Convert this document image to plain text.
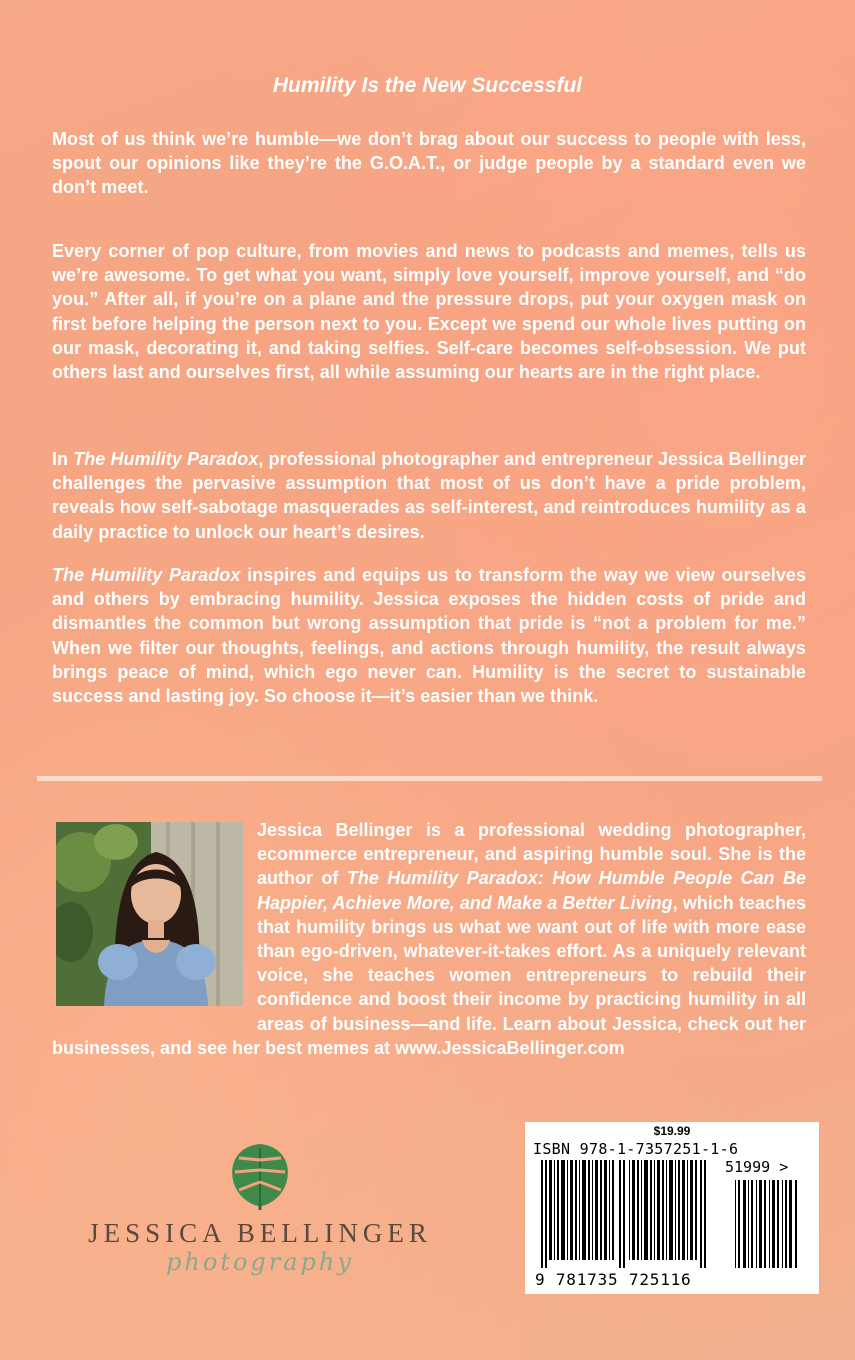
Humility Is the New Successful

Most of us think we’re humble—we don’t brag about our success to people with less, spout our opinions like they’re the G.O.A.T., or judge people by a standard even we don’t meet.

Every corner of pop culture, from movies and news to podcasts and memes, tells us we’re awesome. To get what you want, simply love yourself, improve yourself, and “do you.” After all, if you’re on a plane and the pressure drops, put your oxygen mask on first before helping the person next to you. Except we spend our whole lives putting on our mask, decorating it, and taking selfies. Self-care becomes self-obsession. We put others last and ourselves first, all while assuming our hearts are in the right place.

In The Humility Paradox, professional photographer and entrepreneur Jessica Bellinger challenges the pervasive assumption that most of us don’t have a pride problem, reveals how self-sabotage masquerades as self-interest, and reintroduces humility as a daily practice to unlock our heart’s desires.

The Humility Paradox inspires and equips us to transform the way we view ourselves and others by embracing humility. Jessica exposes the hidden costs of pride and dismantles the common but wrong assumption that pride is “not a problem for me.” When we filter our thoughts, feelings, and actions through humility, the result always brings peace of mind, which ego never can. Humility is the secret to sustainable success and lasting joy. So choose it—it’s easier than we think.

Jessica Bellinger is a professional wedding photographer, ecommerce entrepreneur, and aspiring humble soul. She is the author of The Humility Paradox: How Humble People Can Be Happier, Achieve More, and Make a Better Living, which teaches that humility brings us what we want out of life with more ease than ego-driven, whatever-it-takes effort. As a uniquely relevant voice, she teaches women entrepreneurs to rebuild their confidence and boost their income by practicing humility in all areas of business—and life. Learn about Jessica, check out her businesses, and see her best memes at www.JessicaBellinger.com
JESSICA BELLINGER
photography
$19.99
ISBN 978-1-7357251-1-6
51999 >
9 781735 725116
